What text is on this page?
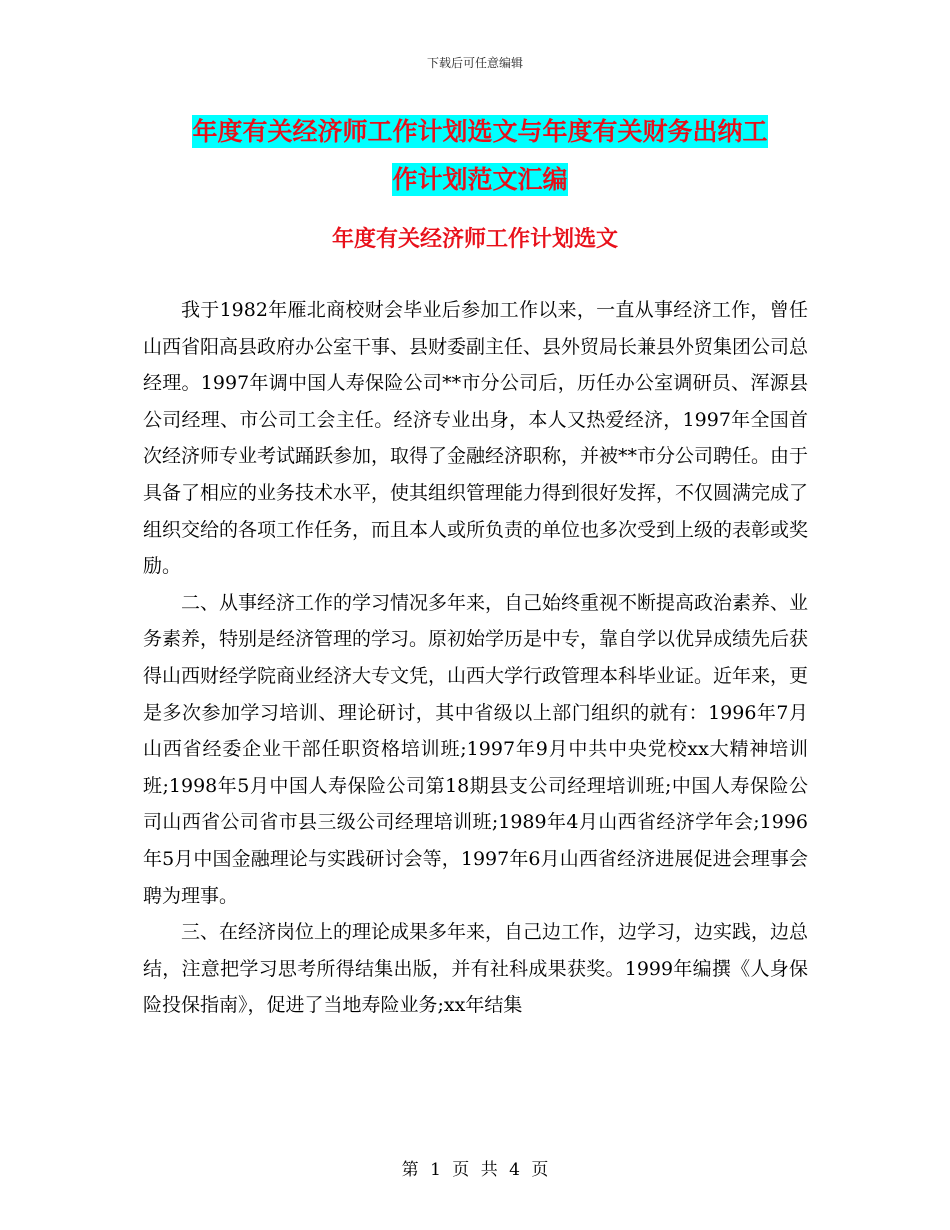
下载后可任意编辑
年度有关经济师工作计划选文与年度有关财务出纳工
作计划范文汇编
年度有关经济师工作计划选文

我于1982年雁北商校财会毕业后参加工作以来，一直从事经济工作，曾任山西省阳高县政府办公室干事、县财委副主任、县外贸局长兼县外贸集团公司总经理。1997年调中国人寿保险公司**市分公司后，历任办公室调研员、浑源县公司经理、市公司工会主任。经济专业出身，本人又热爱经济，1997年全国首次经济师专业考试踊跃参加，取得了金融经济职称，并被**市分公司聘任。由于具备了相应的业务技术水平，使其组织管理能力得到很好发挥，不仅圆满完成了组织交给的各项工作任务，而且本人或所负责的单位也多次受到上级的表彰或奖励。

二、从事经济工作的学习情况多年来，自己始终重视不断提高政治素养、业务素养，特别是经济管理的学习。原初始学历是中专，靠自学以优异成绩先后获得山西财经学院商业经济大专文凭，山西大学行政管理本科毕业证。近年来，更是多次参加学习培训、理论研讨，其中省级以上部门组织的就有：1996年7月山西省经委企业干部任职资格培训班;1997年9月中共中央党校xx大精神培训班;1998年5月中国人寿保险公司第18期县支公司经理培训班;中国人寿保险公司山西省公司省市县三级公司经理培训班;1989年4月山西省经济学年会;1996年5月中国金融理论与实践研讨会等，1997年6月山西省经济进展促进会理事会聘为理事。

三、在经济岗位上的理论成果多年来，自己边工作，边学习，边实践，边总结，注意把学习思考所得结集出版，并有社科成果获奖。1999年编撰《人身保险投保指南》，促进了当地寿险业务;xx年结集

第 1 页 共 4 页
